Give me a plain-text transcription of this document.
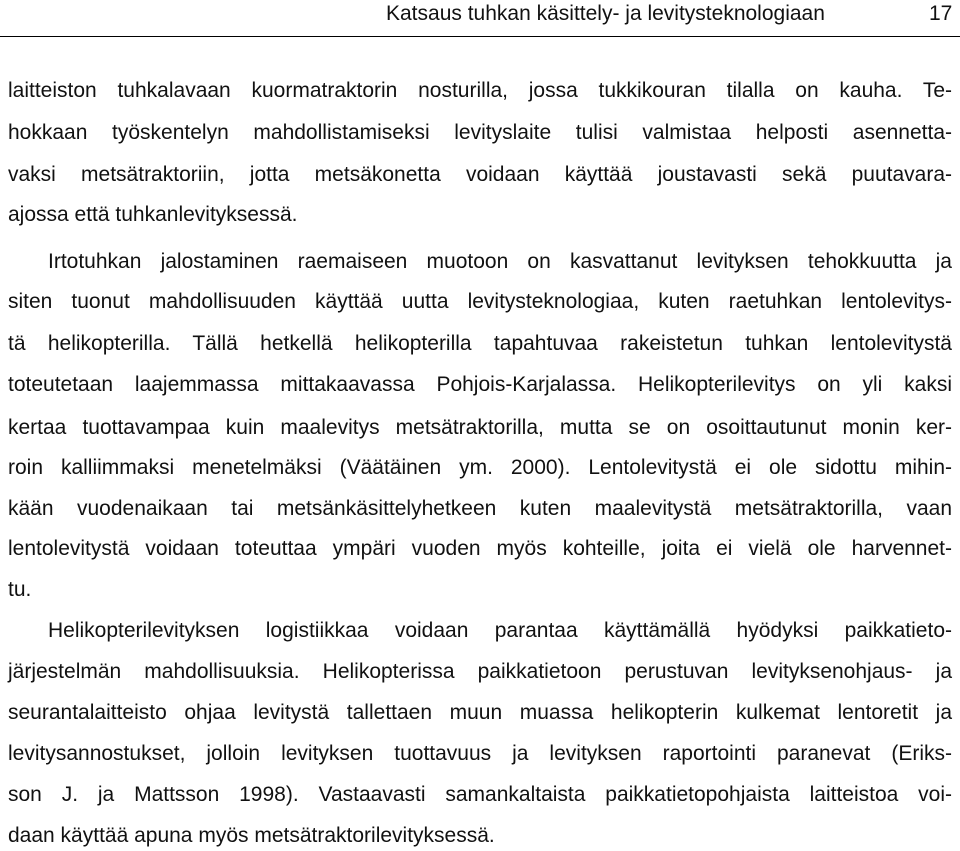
Katsaus tuhkan käsittely- ja levitysteknologiaan	17
laitteiston tuhkalavaan kuormatraktorin nosturilla, jossa tukkikouran tilalla on kauha. Te-
hokkaan työskentelyn mahdollistamiseksi levityslaite tulisi valmistaa helposti asennetta-
vaksi metsätraktoriin, jotta metsäkonetta voidaan käyttää joustavasti sekä puutavara-
ajossa että tuhkanlevityksessä.
Irtotuhkan jalostaminen raemaiseen muotoon on kasvattanut levityksen tehokkuutta ja
siten tuonut mahdollisuuden käyttää uutta levitysteknologiaa, kuten raetuhkan lentolevitys-
tä helikopterilla. Tällä hetkellä helikopterilla tapahtuvaa rakeistetun tuhkan lentolevitystä
toteutetaan laajemmassa mittakaavassa Pohjois-Karjalassa. Helikopterilevitys on yli kaksi
kertaa tuottavampaa kuin maalevitys metsätraktorilla, mutta se on osoittautunut monin ker-
roin kalliimmaksi menetelmäksi (Väätäinen ym. 2000). Lentolevitystä ei ole sidottu mihin-
kään vuodenaikaan tai metsänkäsittelyhetkeen kuten maalevitystä metsätraktorilla, vaan
lentolevitystä voidaan toteuttaa ympäri vuoden myös kohteille, joita ei vielä ole harvennet-
tu.
Helikopterilevityksen logistiikkaa voidaan parantaa käyttämällä hyödyksi paikkatieto-
järjestelmän mahdollisuuksia. Helikopterissa paikkatietoon perustuvan levityksenohjaus- ja
seurantalaitteisto ohjaa levitystä tallettaen muun muassa helikopterin kulkemat lentoretit ja
levitysannostukset, jolloin levityksen tuottavuus ja levityksen raportointi paranevat (Eriks-
son J. ja Mattsson 1998). Vastaavasti samankaltaista paikkatietopohjaista laitteistoa voi-
daan käyttää apuna myös metsätraktorilevityksessä.
